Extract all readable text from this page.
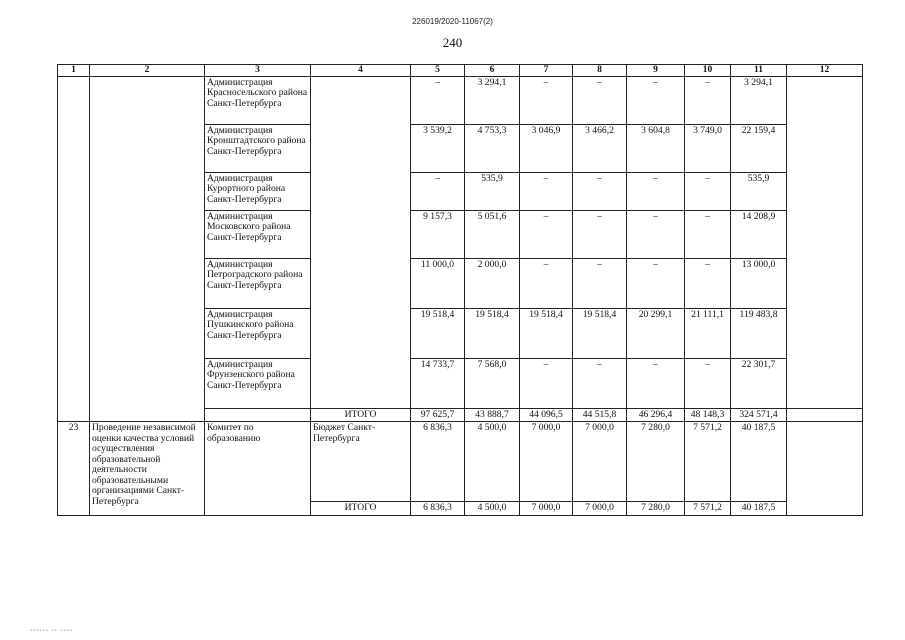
226019/2020-11067(2)
240
1	2	3	4	5	6	7	8	9	10	11	12
		Администрация Красносельского района Санкт-Петербурга		–	3 294,1	–	–	–	–	3 294,1	
		Администрация Кронштадтского района Санкт-Петербурга		3 539,2	4 753,3	3 046,9	3 466,2	3 604,8	3 749,0	22 159,4	
		Администрация Курортного района Санкт-Петербурга		–	535,9	–	–	–	–	535,9	
		Администрация Московского района Санкт-Петербурга		9 157,3	5 051,6	–	–	–	–	14 208,9	
		Администрация Петроградского района Санкт-Петербурга		11 000,0	2 000,0	–	–	–	–	13 000,0	
		Администрация Пушкинского района Санкт-Петербурга		19 518,4	19 518,4	19 518,4	19 518,4	20 299,1	21 111,1	119 483,8	
		Администрация Фрунзенского района Санкт-Петербурга		14 733,7	7 568,0	–	–	–	–	22 301,7	
			ИТОГО	97 625,7	43 888,7	44 096,5	44 515,8	46 296,4	48 148,3	324 571,4	
23	Проведение независимой оценки качества условий осуществления образовательной деятельности образовательными организациями Санкт-Петербурга	Комитет по образованию	Бюджет Санкт-Петербурга	6 836,3	4 500,0	7 000,0	7 000,0	7 280,0	7 571,2	40 187,5	
			ИТОГО	6 836,3	4 500,0	7 000,0	7 000,0	7 280,0	7 571,2	40 187,5	
▪▪▪▪▪▪ ▪▪ ▪▪▪▪
